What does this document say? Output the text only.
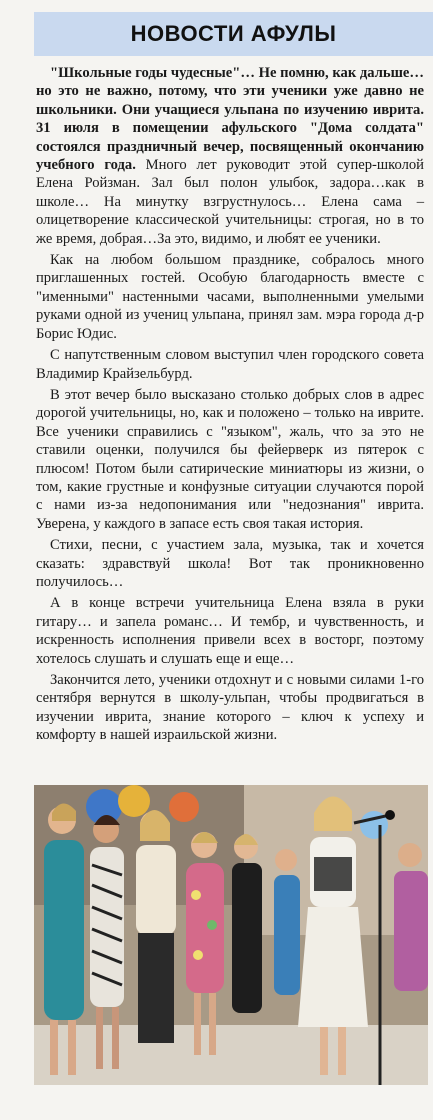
НОВОСТИ АФУЛЫ

"Школьные годы чудесные"… Не помню, как дальше…но это не важно, потому, что эти ученики уже давно не школьники. Они учащиеся ульпана по изучению иврита. 31 июля в помещении афульского "Дома солдата" состоялся праздничный вечер, посвященный окончанию учебного года. Много лет руководит этой супер-школой Елена Ройзман. Зал был полон улыбок, задора…как в школе… На минутку взгрустнулось… Елена сама – олицетворение классической учительницы: строгая, но в то же время, добрая…За это, видимо, и любят ее ученики.

Как на любом большом празднике, собралось много приглашенных гостей. Особую благодарность вместе с "именными" настенными часами, выполненными умелыми руками одной из учениц ульпана, принял зам. мэра города д-р Борис Юдис.

С напутственным словом выступил член городского совета Владимир Крайзельбурд.

В этот вечер было высказано столько добрых слов в адрес дорогой учительницы, но, как и положено – только на иврите. Все ученики справились с "языком", жаль, что за это не ставили оценки, получился бы фейерверк из пятерок с плюсом! Потом были сатирические миниатюры из жизни, о том, какие грустные и конфузные ситуации случаются порой с нами из-за недопонимания или "недознания" иврита. Уверена, у каждого в запасе есть своя такая история.

Стихи, песни, с участием зала, музыка, так и хочется сказать: здравствуй школа! Вот так проникновенно получилось…

А в конце встречи учительница Елена взяла в руки гитару… и запела романс… И тембр, и чувственность, и искренность исполнения привели всех в восторг, поэтому хотелось слушать и слушать еще и еще…

Закончится лето, ученики отдохнут и с новыми силами 1-го сентября вернутся в школу-ульпан, чтобы продвигаться в изучении иврита, знание которого – ключ к успеху и комфорту в нашей израильской жизни.
